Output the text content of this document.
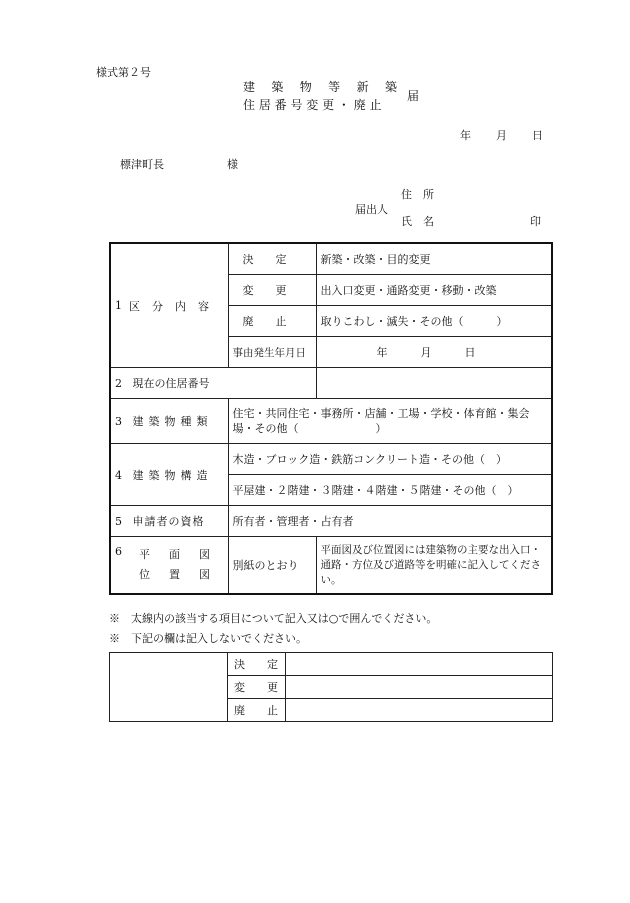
様式第２号
建 築 物 等 新 築
住 居 番 号 変 更 ・ 廃 止
届
年　　月　　日
標津町長	様
届出人
住　所
氏　名	印
1 区分内容	決　　定	新築・改築・目的変更
	変　　更	出入口変更・通路変更・移動・改築
	廃　　止	取りこわし・滅失・その他（　　　）
	事由発生年月日	年　　　月　　　日
2 現在の住居番号		
3 建築物種類	住宅・共同住宅・事務所・店舗・工場・学校・体育館・集会場・その他（　　　　　　　）	
4 建築物構造	木造・ブロック造・鉄筋コンクリート造・その他（　）	
	平屋建・２階建・３階建・４階建・５階建・その他（　）	
5 申請者の資格	所有者・管理者・占有者	

6 平　面　図
位　置　図	別紙のとおり	平面図及び位置図には建築物の主要な出入口・通路・方位及び道路等を明確に記入してください。
※　太線内の該当する項目について記入又は○で囲んでください。
※　下記の欄は記入しないでください。
	決　　定	
	変　　更	
	廃　　止	
